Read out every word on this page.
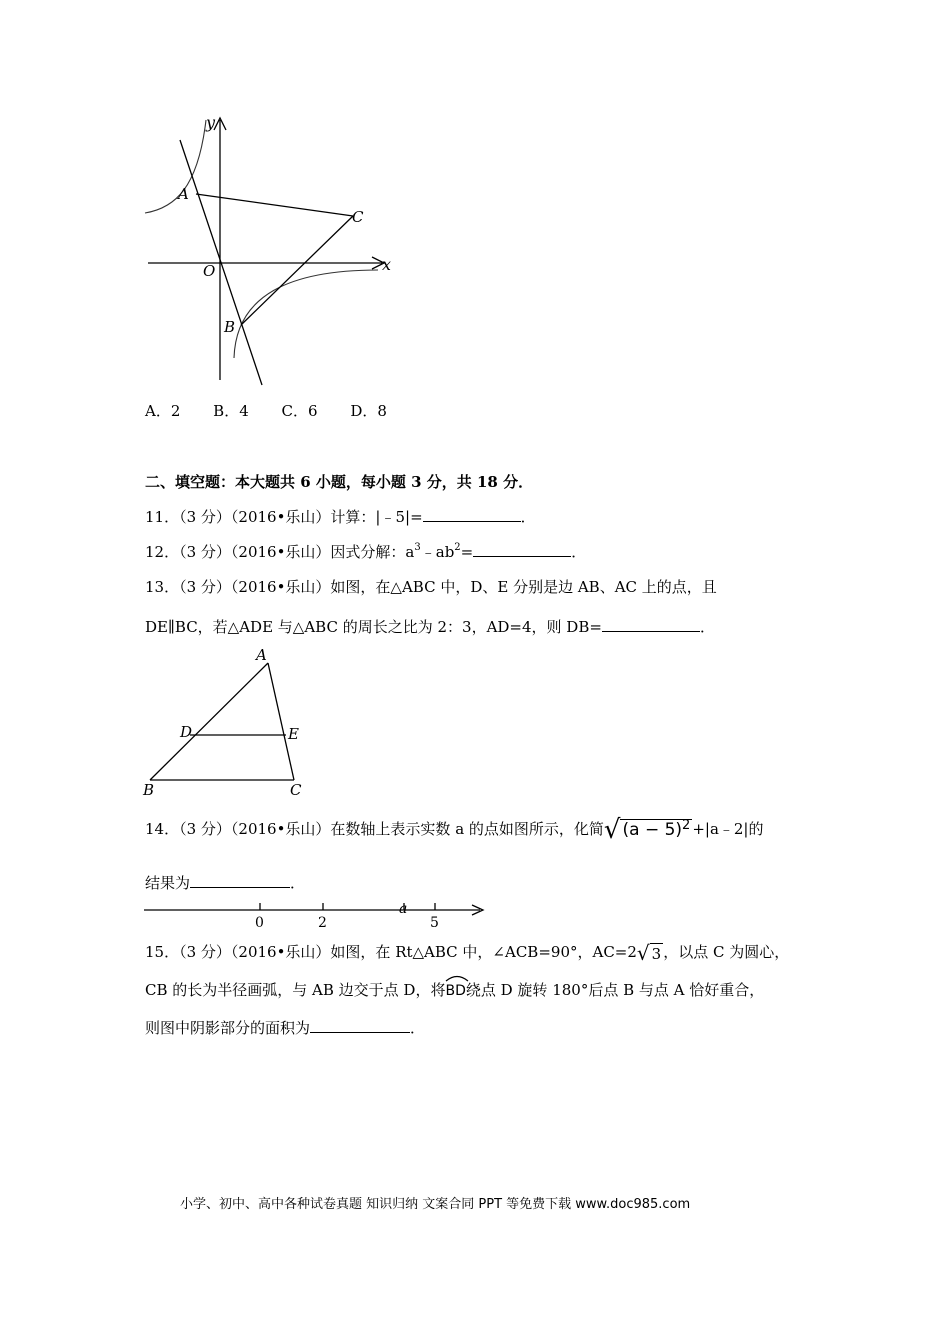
y
x
O
A
B
C
A．2 B．4 C．6 D．8
二、填空题：本大题共 6 小题，每小题 3 分，共 18 分．
11．（3 分）（2016•乐山）计算：|﹣5|=	．
12．（3 分）（2016•乐山）因式分解：$a^3﹣ab^2=$	．
13．（3 分）（2016•乐山）如图，在△ABC 中，D、E 分别是边 AB、AC 上的点，且
DE∥BC，若△ADE 与△ABC 的周长之比为 2：3，AD=4，则 DB=	．
A
D	E
B	C
14．（3 分）（2016•乐山）在数轴上表示实数 a 的点如图所示，化简√ $(a - 5)^2$ +|a﹣2|的
结果为	．
0	2
a
5
15．（3 分）（2016•乐山）如图，在 Rt△ABC 中，∠ACB=90°，AC=2√ 3 ，以点 C 为圆心，
CB 的长为半径画弧，与 AB 边交于点 D，将
BD绕点 D 旋转 180°后点 B 与点 A 恰好重合，
则图中阴影部分的面积为	．
小学、初中、高中各种试卷真题 知识归纳 文案合同 PPT 等免费下载 www.doc985.com
